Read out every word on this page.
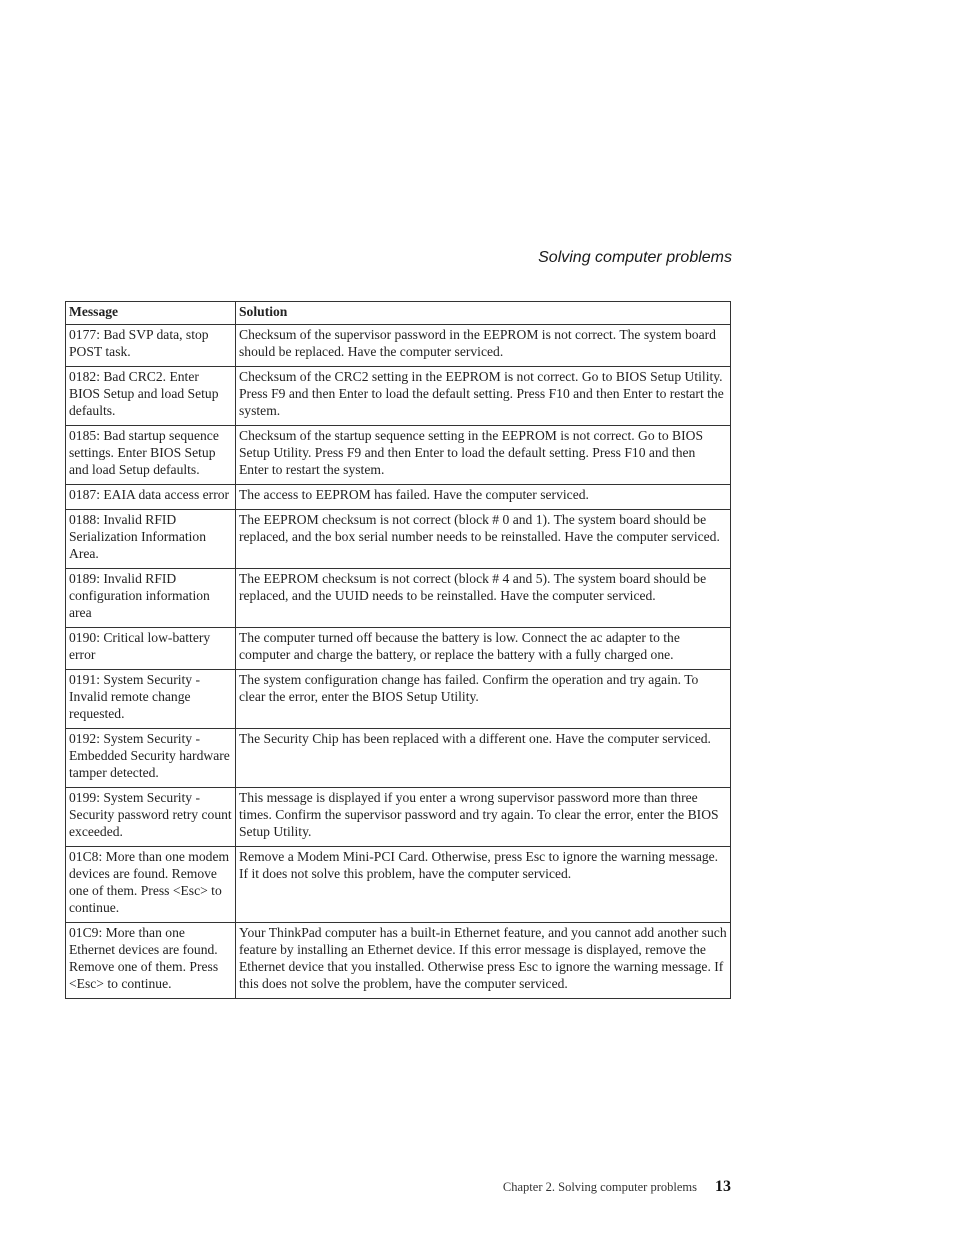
Solving computer problems
Message	Solution
0177: Bad SVP data, stop POST task.	Checksum of the supervisor password in the EEPROM is not correct. The system board should be replaced. Have the computer serviced.
0182: Bad CRC2. Enter BIOS Setup and load Setup defaults.	Checksum of the CRC2 setting in the EEPROM is not correct. Go to BIOS Setup Utility. Press F9 and then Enter to load the default setting. Press F10 and then Enter to restart the system.
0185: Bad startup sequence settings. Enter BIOS Setup and load Setup defaults.	Checksum of the startup sequence setting in the EEPROM is not correct. Go to BIOS Setup Utility. Press F9 and then Enter to load the default setting. Press F10 and then Enter to restart the system.
0187: EAIA data access error	The access to EEPROM has failed. Have the computer serviced.
0188: Invalid RFID Serialization Information Area.	The EEPROM checksum is not correct (block # 0 and 1). The system board should be replaced, and the box serial number needs to be reinstalled. Have the computer serviced.
0189: Invalid RFID configuration information area	The EEPROM checksum is not correct (block # 4 and 5). The system board should be replaced, and the UUID needs to be reinstalled. Have the computer serviced.
0190: Critical low-battery error	The computer turned off because the battery is low. Connect the ac adapter to the computer and charge the battery, or replace the battery with a fully charged one.
0191: System Security - Invalid remote change requested.	The system configuration change has failed. Confirm the operation and try again. To clear the error, enter the BIOS Setup Utility.
0192: System Security - Embedded Security hardware tamper detected.	The Security Chip has been replaced with a different one. Have the computer serviced.
0199: System Security - Security password retry count exceeded.	This message is displayed if you enter a wrong supervisor password more than three times. Confirm the supervisor password and try again. To clear the error, enter the BIOS Setup Utility.
01C8: More than one modem devices are found. Remove one of them. Press <Esc> to continue.	Remove a Modem Mini-PCI Card. Otherwise, press Esc to ignore the warning message. If it does not solve this problem, have the computer serviced.
01C9: More than one Ethernet devices are found. Remove one of them. Press <Esc> to continue.	Your ThinkPad computer has a built-in Ethernet feature, and you cannot add another such feature by installing an Ethernet device. If this error message is displayed, remove the Ethernet device that you installed. Otherwise press Esc to ignore the warning message. If this does not solve the problem, have the computer serviced.
Chapter 2. Solving computer problems 13
